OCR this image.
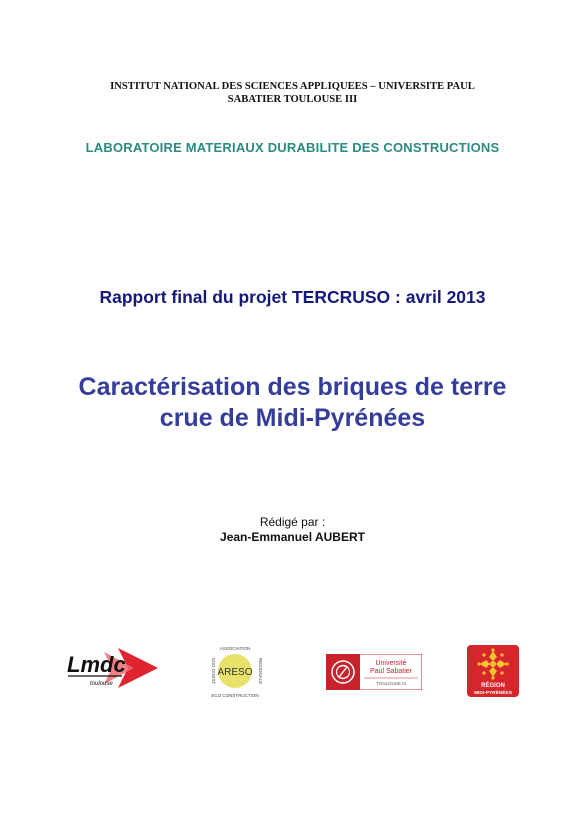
INSTITUT NATIONAL DES SCIENCES APPLIQUEES – UNIVERSITE PAUL
SABATIER TOULOUSE III
LABORATOIRE MATERIAUX DURABILITE DES CONSTRUCTIONS
Rapport final du projet TERCRUSO : avril 2013
Caractérisation des briques de terre
crue de Midi-Pyrénées
Rédigé par :
Jean-Emmanuel AUBERT
Lmdc
toulouse
ARESO
ASSOCIATION
ECO CONSTRUCTION
REGIONALE
SUD OUEST	Université
Paul Sabatier
TOULOUSE III	RÉGION
MIDI-PYRÉNÉES
